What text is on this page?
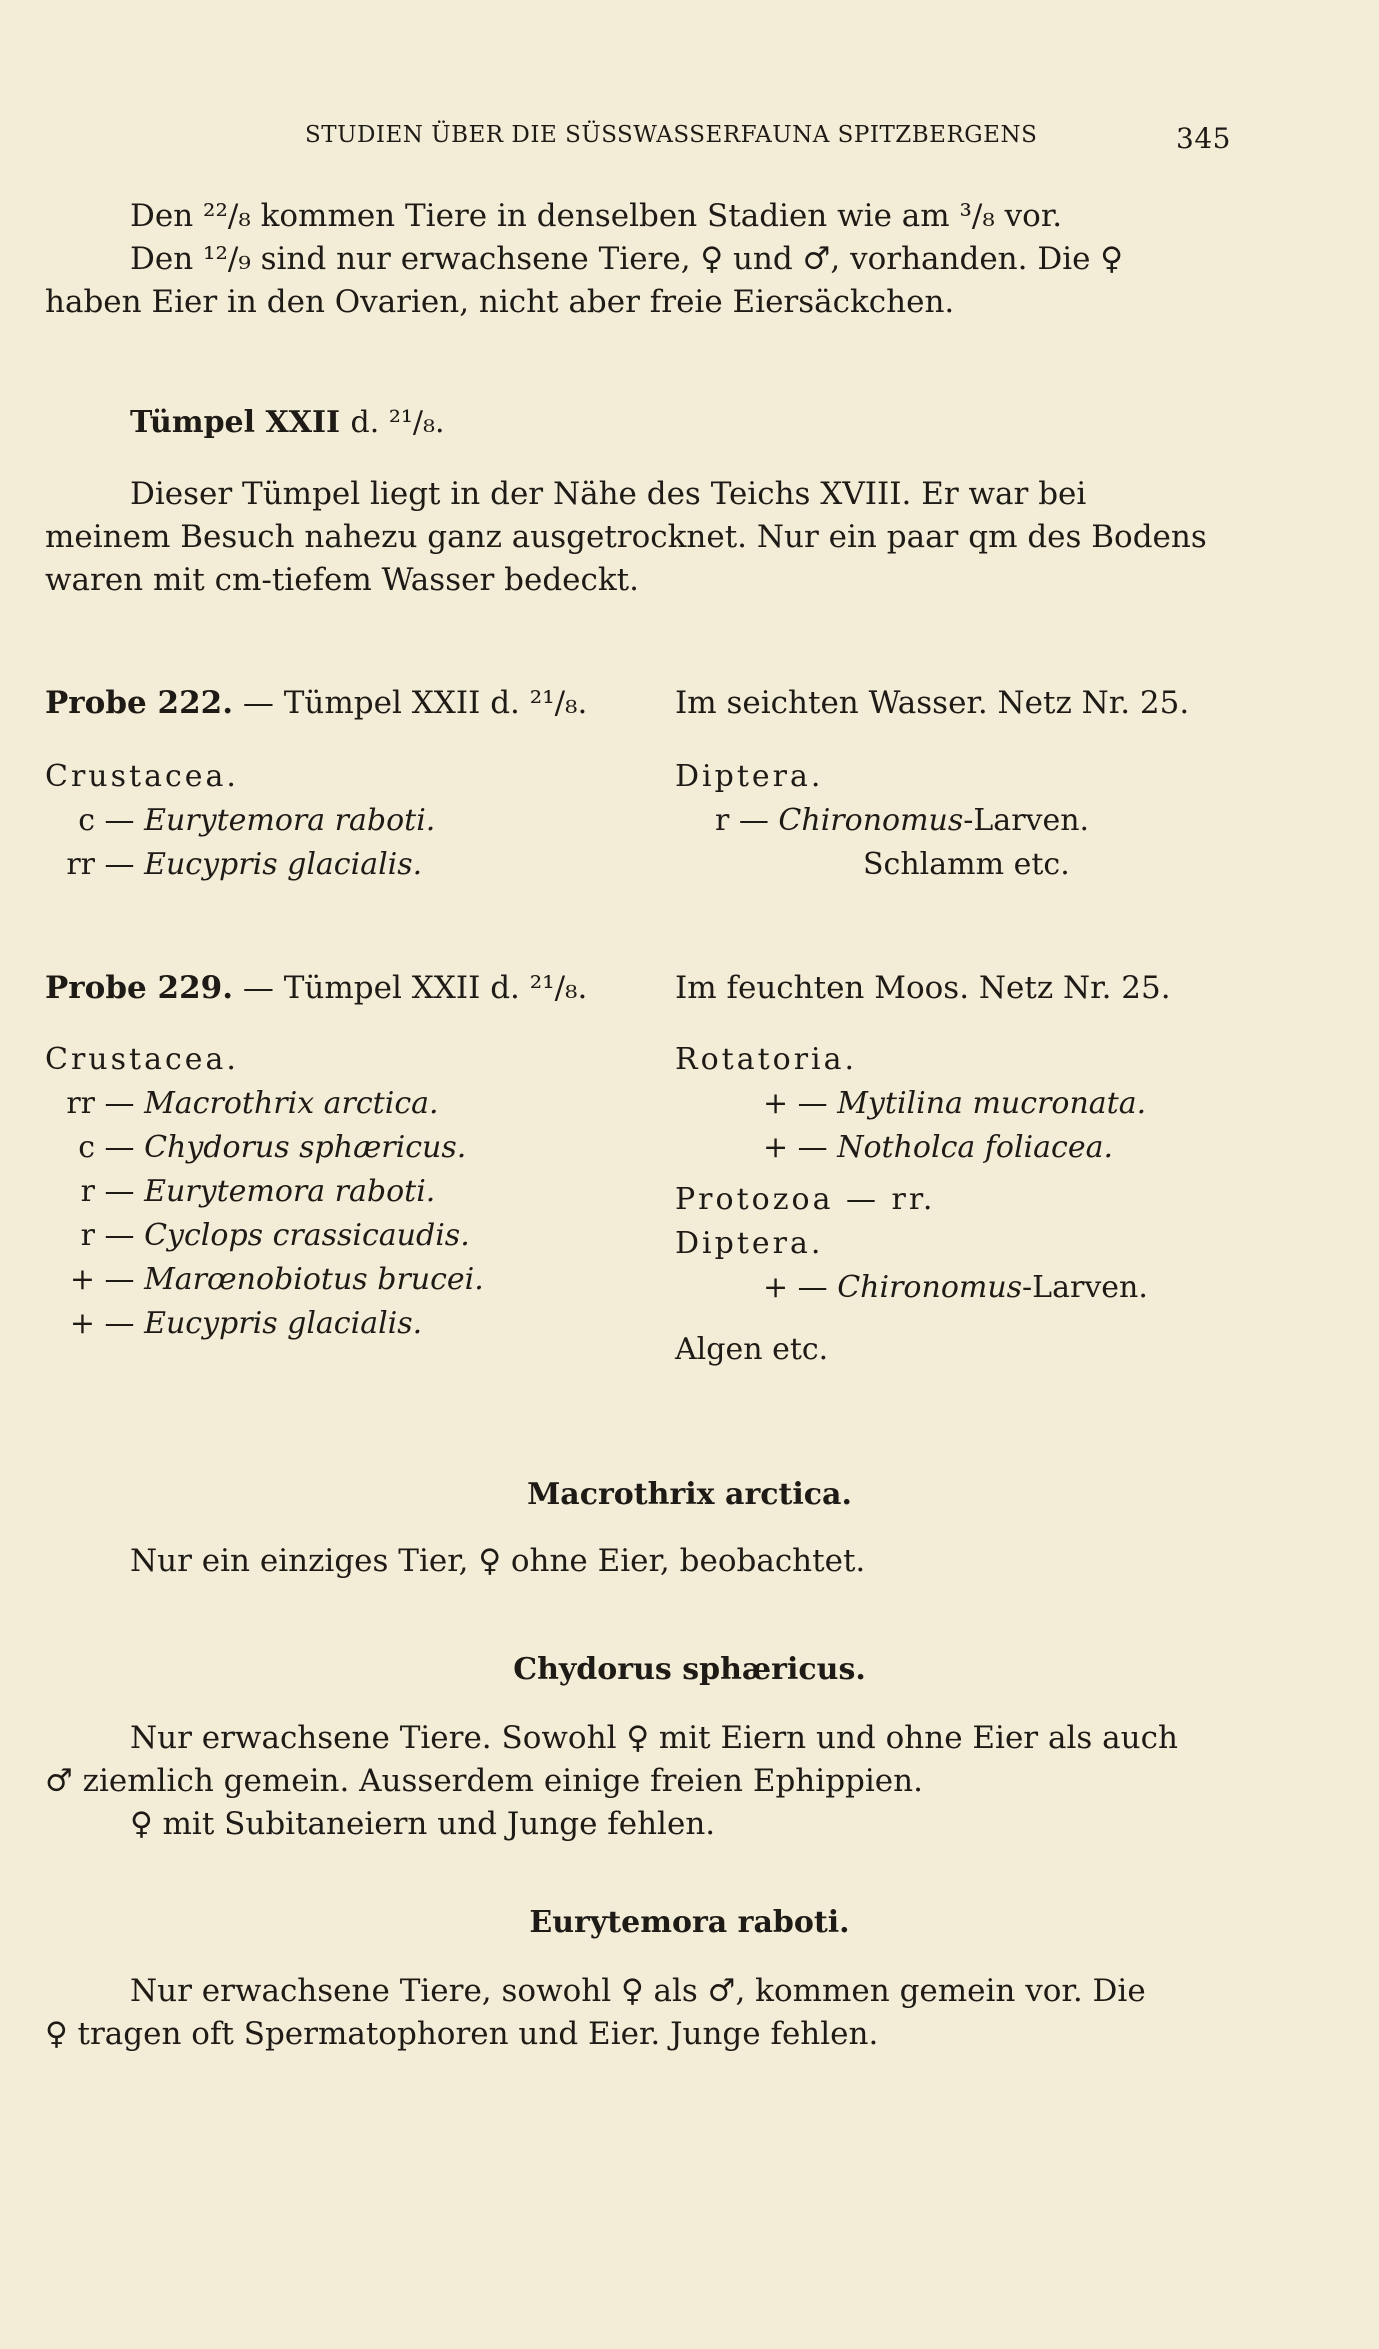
STUDIEN ÜBER DIE SÜSSWASSERFAUNA SPITZBERGENS	345
Den ²²/₈ kommen Tiere in denselben Stadien wie am ³/₈ vor.
Den ¹²/₉ sind nur erwachsene Tiere, ♀ und ♂, vorhanden. Die ♀
haben Eier in den Ovarien, nicht aber freie Eiersäckchen.
Tümpel XXII d. ²¹/₈.
Dieser Tümpel liegt in der Nähe des Teichs XVIII. Er war bei
meinem Besuch nahezu ganz ausgetrocknet. Nur ein paar qm des Bodens
waren mit cm-tiefem Wasser bedeckt.
Probe 222. — Tümpel XXII d. ²¹/₈.	Im seichten Wasser. Netz Nr. 25.
Crustacea.
c — Eurytemora raboti.
rr — Eucypris glacialis.
Diptera.
r — Chironomus-Larven.
Schlamm etc.
Probe 229. — Tümpel XXII d. ²¹/₈.	Im feuchten Moos. Netz Nr. 25.
Crustacea.
rr — Macrothrix arctica.
c — Chydorus sphæricus.
r — Eurytemora raboti.
r — Cyclops crassicaudis.
+ — Marœnobiotus brucei.
+ — Eucypris glacialis.
Rotatoria.
+ — Mytilina mucronata.
+ — Notholca foliacea.
Protozoa — rr.
Diptera.
+ — Chironomus-Larven.
Algen etc.
Macrothrix arctica.
Nur ein einziges Tier, ♀ ohne Eier, beobachtet.
Chydorus sphæricus.
Nur erwachsene Tiere. Sowohl ♀ mit Eiern und ohne Eier als auch
♂ ziemlich gemein. Ausserdem einige freien Ephippien.
♀ mit Subitaneiern und Junge fehlen.
Eurytemora raboti.
Nur erwachsene Tiere, sowohl ♀ als ♂, kommen gemein vor. Die
♀ tragen oft Spermatophoren und Eier. Junge fehlen.
